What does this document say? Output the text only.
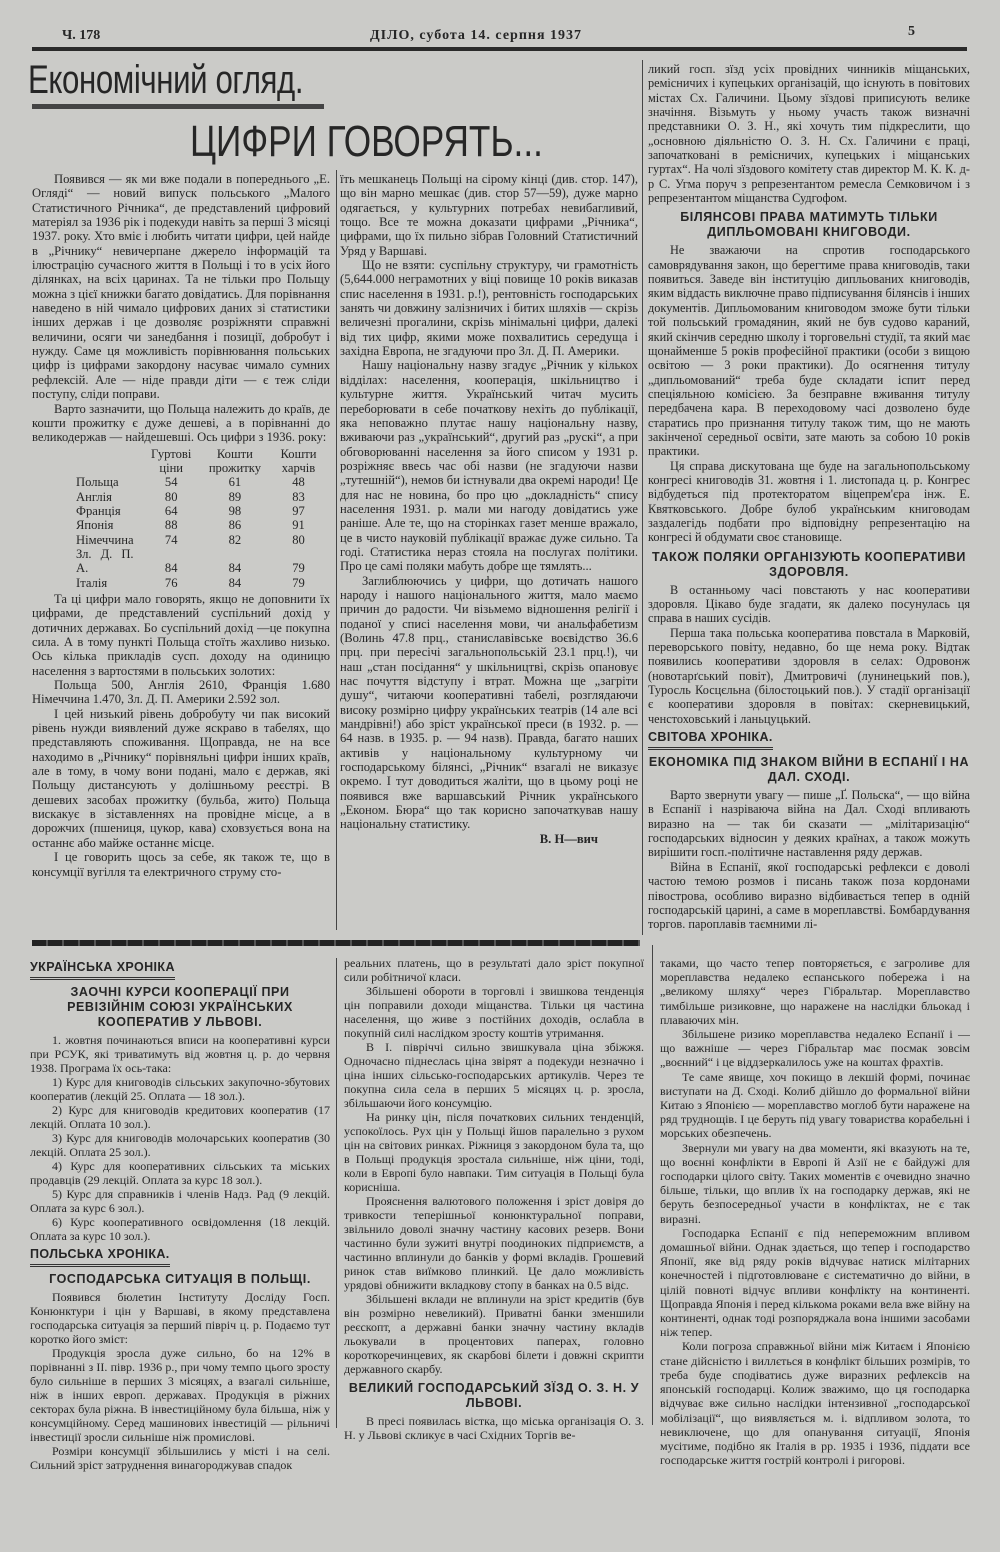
Ч. 178	ДІЛО, субота 14. серпня 1937	5
Економічний огляд.
ЦИФРИ ГОВОРЯТЬ...

Появився — як ми вже подали в попереднього „Е. Огляді“ — новий випуск польського „Малого Статистичного Річника“, де представлений цифровий матеріял за 1936 рік і подекуди навіть за перші 3 місяці 1937. року. Хто вміє і любить читати цифри, цей найде в „Річнику“ невичерпане джерело інформацій та ілюстрацію сучасного життя в Польщі і то в усіх його ділянках, на всіх царинах. Та не тільки про Польщу можна з цієї книжки багато довідатись. Для порівнання наведено в ній чимало цифрових даних зі статистики інших держав і це дозволяє розріжняти справжні величини, осяги чи занедбання і позиції, добробут і нужду. Саме ця можливість порівнювання польських цифр із цифрами закордону насуває чимало сумних рефлексій. Але — ніде правди діти — є теж сліди поступу, сліди поправи.

Варто зазначити, що Польща належить до країв, де кошти прожитку є дуже дешеві, а в порівнанні до великодержав — найдешевші. Ось цифри з 1936. року:

	Гуртові ціни	Кошти прожитку	Кошти харчів
Польща	54	61	48
Англія	80	89	83
Франція	64	98	97
Японія	88	86	91
Німеччина	74	82	80
Зл. Д. П. А.	84	84	79
Італія	76	84	79

Та ці цифри мало говорять, якщо не доповнити їх цифрами, де представлений суспільний дохід у дотичних державах. Бо суспільний дохід —це покупна сила. А в тому пункті Польща стоїть жахливо низько. Ось кілька прикладів сусп. доходу на одиницю населення з вартостями в польських золотих:

Польща 500, Англія 2610, Франція 1.680 Німеччина 1.470, Зл. Д. П. Америки 2.592 зол.

І цей низький рівень добробуту чи пак високий рівень нужди виявлений дуже яскраво в табелях, що представляють споживання. Щоправда, не на все находимо в „Річнику“ порівняльні цифри інших країв, але в тому, в чому вони подані, мало є держав, які Польщу дистансують у долішньому реєстрі. В дешевих засобах прожитку (бульба, жито) Польща вискакує в зіставленнях на провідне місце, а в дорожчих (пшениця, цукор, кава) сховзується вона на останнє або майже останнє місце.

І це говорить щось за себе, як також те, що в консумції вугілля та електричного струму сто-

їть мешканець Польщі на сірому кінці (див. стор. 147), що він марно мешкає (див. стор 57—59), дуже марно одягається, у культурних потребах невибагливий, тощо. Все те можна доказати цифрами „Річника“, цифрами, що їх пильно зібрав Головний Статистичний Уряд у Варшаві.

Що не взяти: суспільну структуру, чи грамотність (5,644.000 неграмотних у віці повище 10 років виказав спис населення в 1931. р.!), рентовність господарських занять чи довжину залізничих і битих шляхів — скрізь величезні прогалини, скрізь мінімальні цифри, далекі від тих цифр, якими може похвалитись середуща і західна Европа, не згадуючи про Зл. Д. П. Америки.

Нашу національну назву згадує „Річник у кількох відділах: населення, кооперація, шкільництво і культурне життя. Український читач мусить переборювати в себе початкову нехіть до публікації, яка неповажно плутає нашу національну назву, вживаючи раз „український“, другий раз „рускі“, а при обговорюванні населення за його списом у 1931 р. розріжняє ввесь час обі назви (не згадуючи назви „тутешній“), немов би істнували два окремі народи! Це для нас не новина, бо про цю „докладність“ спису населення 1931. р. мали ми нагоду довідатись уже раніше. Але те, що на сторінках газет менше вражало, це в чисто науковій публікації вражає дуже сильно. Та годі. Статистика нераз стояла на послугах політики. Про це самі поляки мабуть добре ще тямлять...

Заглиблюючись у цифри, що дотичать нашого народу і нашого національного життя, мало маємо причин до радости. Чи візьмемо відношення релігії і поданої у списі населення мови, чи анальфабетизм (Волинь 47.8 прц., станиславівське воєвідство 36.6 прц. при пересічі загальнопольській 23.1 прц.!), чи наш „стан посідання“ у шкільництві, скрізь опановує нас почуття відступу і втрат. Можна ще „загріти душу“, читаючи кооперативні табелі, розглядаючи високу розмірно цифру українських театрів (14 але всі мандрівні!) або зріст української преси (в 1932. р. — 64 назв. в 1935. р. — 94 назв). Правда, багато наших активів у національному культурному чи господарському білянсі, „Річник“ взагалі не виказує окремо. І тут доводиться жаліти, що в цьому році не появився вже варшавський Річник українського „Економ. Бюра“ що так корисно започаткував нашу національну статистику.

В. Н—вич

ликий госп. зїзд усіх провідних чинників міщанських, ремісничих і купецьких організацій, що існують в повітових містах Сх. Галичини. Цьому зїздові приписують велике значіння. Візьмуть у ньому участь також визначні представники О. З. Н., які хочуть тим підкреслити, що „основною діяльністю О. З. Н. Сх. Галичини є праці, започатковані в ремісничих, купецьких і міщанських гуртах“. На чолі зїздового комітету став директор М. К. К. д-р С. Угма поруч з репрезентантом ремесла Семковичом і з репрезентантом міщанства Судгофом.

БІЛЯНСОВІ ПРАВА МАТИМУТЬ ТІЛЬКИ ДИПЛЬОМОВАНІ КНИГОВОДИ.

Не зважаючи на спротив господарського самоврядування закон, що берегтиме права книговодів, таки появиться. Заведе він інституцію дипльованих книговодів, яким віддасть виключне право підписування білянсів і інших документів. Дипльомованим книговодом зможе бути тільки той польський громадянин, який не був судово караний, який скінчив середню школу і торговельні студії, та який має щонайменше 5 років професійної практики (особи з вищою освітою — 3 роки практики). До осягнення титулу „дипльомований“ треба буде складати іспит перед спеціяльною комісією. За безправне вживання титулу передбачена кара. В переходовому часі дозволено буде старатись про признання титулу також тим, що не мають закінченої середньої освіти, зате мають за собою 10 років практики.

Ця справа дискутована ще буде на загальнопольському конгресі книговодів 31. жовтня і 1. листопада ц. р. Конгрес відбудеться під протекторатом віцепрем'єра інж. Е. Квятковського. Добре булоб українським книговодам заздалегідь подбати про відповідну репрезентацію на конгресі й обдумати своє становище.

ТАКОЖ ПОЛЯКИ ОРГАНІЗУЮТЬ КООПЕРАТИВИ ЗДОРОВЛЯ.

В останньому часі повстають у нас кооперативи здоровля. Цікаво буде згадати, як далеко посунулась ця справа в наших сусідів.

Перша така польська кооператива повстала в Марковій, переворського повіту, недавно, бо ще нема року. Відтак появились кооперативи здоровля в селах: Одровонж (новотарґський повіт), Дмитровичі (лунинецький пов.), Туросль Косцєльна (білостоцький пов.). У стадії організації є кооперативи здоровля в повітах: скерневицький, ченстоховський і ланьцуцький.

СВІТОВА ХРОНІКА.
ЕКОНОМІКА ПІД ЗНАКОМ ВІЙНИ В ЕСПАНІЇ І НА ДАЛ. СХОДІ.

Варто звернути увагу — пише „Ґ. Польска“, — що війна в Еспанії і назріваюча війна на Дал. Сході впливають виразно на — так би сказати — „мілітаризацію“ господарських відносин у деяких країнах, а також можуть вирішити госп.-політичне наставлення ряду держав.

Війна в Еспанії, якої господарські рефлекси є доволі частою темою розмов і писань також поза кордонами півострова, особливо виразно відбивається тепер в одній господарській царині, а саме в мореплавстві. Бомбардування торгов. пароплавів таємними лі-

УКРАЇНСЬКА ХРОНІКА
ЗАОЧНІ КУРСИ КООПЕРАЦІЇ ПРИ РЕВІЗІЙНІМ СОЮЗІ УКРАЇНСЬКИХ КООПЕРАТИВ У ЛЬВОВІ.

1. жовтня починаються вписи на кооперативні курси при РСУК, які триватимуть від жовтня ц. р. до червня 1938. Програма їх ось-така:

1) Курс для книговодів сільських закупочно-збутових кооператив (лекцій 25. Оплата — 18 зол.).

2) Курс для книговодів кредитових кооператив (17 лекцій. Оплата 10 зол.).

3) Курс для книговодів молочарських кооператив (30 лекцій. Оплата 25 зол.).

4) Курс для кооперативних сільських та міських продавців (29 лекцій. Оплата за курс 18 зол.).

5) Курс для справників і членів Надз. Рад (9 лекцій. Оплата за курс 6 зол.).

6) Курс кооперативного освідомлення (18 лекцій. Оплата за курс 10 зол.).

ПОЛЬСЬКА ХРОНІКА.
ГОСПОДАРСЬКА СИТУАЦІЯ В ПОЛЬЩІ.

Появився бюлетин Інституту Досліду Госп. Конюнктури і цін у Варшаві, в якому представлена господарська ситуація за перший півріч ц. р. Подаємо тут коротко його зміст:

Продукція зросла дуже сильно, бо на 12% в порівнанні з II. півр. 1936 р., при чому темпо цього зросту було сильніше в перших 3 місяцях, а взагалі сильніше, ніж в інших европ. державах. Продукція в ріжних секторах була ріжна. В інвестиційному була більша, ніж у консумційному. Серед машинових інвестицій — рільничі інвестиції зросли сильніше ніж промислові.

Розміри консумції збільшились у місті і на селі. Сильний зріст затруднення винагороджував спадок

реальних платень, що в результаті дало зріст покупної сили робітничої класи.

Збільшені обороти в торговлі і звишкова тенденція цін поправили доходи міщанства. Тільки ця частина населення, що живе з постійних доходів, ослабла в покупній силі наслідком зросту коштів утримання.

В I. півріччі сильно звишкувала ціна збіжжя. Одночасно піднеслась ціна звірят а подекуди незначно і ціна інших сільсько-господарських артикулів. Через те покупна сила села в перших 5 місяцях ц. р. зросла, збільшаючи його консумцію.

На ринку цін, після початкових сильних тенденцій, успокоїлось. Рух цін у Польщі йшов паралельно з рухом цін на світових ринках. Ріжниця з закордоном була та, що в Польщі продукція зростала сильніше, ніж ціни, тоді, коли в Европі було навпаки. Тим ситуація в Польщі була корисніша.

Прояснення валютового положення і зріст довіря до тривкости теперішньої конюнктуральної поправи, звільнило доволі значну частину касових резерв. Вони частинно були зужиті внутрі поодиноких підприємств, а частинно вплинули до банків у формі вкладів. Грошевий ринок став виїмково плинкий. Це дало можливість урядові обнижити вкладкову стопу в банках на 0.5 відс.

Збільшені вклади не вплинули на зріст кредитів (був він розмірно невеликий). Приватні банки зменшили реєскопт, а державні банки значну частину вкладів льокували в процентових паперах, головно короткоречинцевих, як скарбові білети і довжні скрипти державного скарбу.

ВЕЛИКИЙ ГОСПОДАРСЬКИЙ ЗЇЗД О. З. Н. У ЛЬВОВІ.

В пресі появилась вістка, що міська організація О. З. Н. у Львові скликує в часі Східних Торгів ве-

таками, що часто тепер повторяється, є загроливе для мореплавства недалеко еспанського побережа і на „великому шляху“ через Гібральтар. Мореплавство тимбільше ризиковне, що наражене на наслідки бльокад і плаваючих мін.

Збільшене ризико мореплавства недалеко Еспанії і — що важніше — через Гібральтар має посмак зовсім „воєнний“ і це віддзеркалилось уже на коштах фрахтів.

Те саме явище, хоч покищо в лекшій формі, починає виступати на Д. Сході. Колиб дійшло до формальної війни Китаю з Японією — мореплавство моглоб бути наражене на ряд труднощів. І це беруть під увагу товариства корабельні і морських обезпечень.

Звернули ми увагу на два моменти, які вказують на те, що воєнні конфлікти в Европі й Азії не є байдужі для господарки цілого світу. Таких моментів є очевидно значно більше, тільки, що вплив їх на господарку держав, які не беруть безпосередньої участи в конфліктах, не є так виразні.

Господарка Еспанії є під непереможним впливом домашньої війни. Однак здається, що тепер і господарство Японії, яке від ряду років відчуває натиск мілітарних конечностей і підготовлюване є систематично до війни, в цілій повноті відчує впливи конфлікту на континенті. Щоправда Японія і перед кількома роками вела вже війну на континенті, однак тоді розпоряджала вона іншими засобами ніж тепер.

Коли погроза справжньої війни між Китаєм і Японією стане дійсністю і виллється в конфлікт більших розмірів, то треба буде сподіватись дуже виразних рефлексів на японській господарці. Колиж зважимо, що ця господарка відчуває вже сильно наслідки інтензивної „господарської мобілізації“, що виявляється м. і. відпливом золота, то невиключене, що для опанування ситуації, Японія мусітиме, подібно як Італія в рр. 1935 і 1936, піддати все господарське життя гострій контролі і ригорові.
